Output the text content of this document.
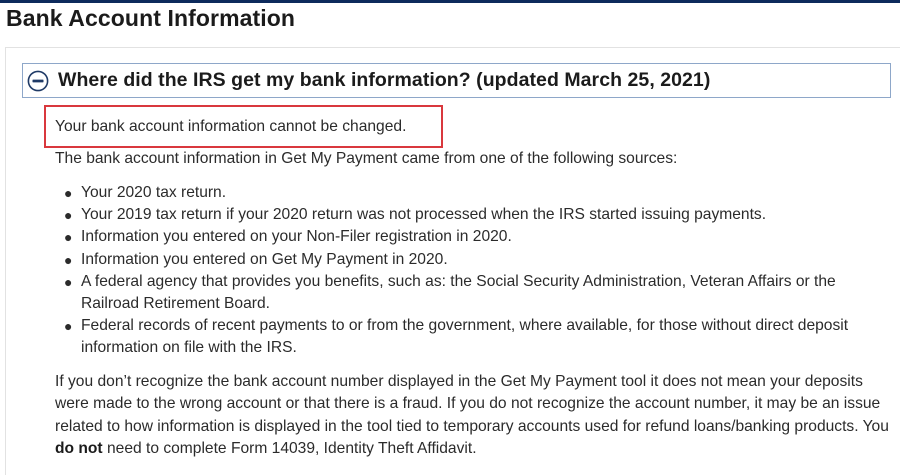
Bank Account Information
Where did the IRS get my bank information? (updated March 25, 2021)

Your bank account information cannot be changed.

The bank account information in Get My Payment came from one of the following sources:

● Your 2020 tax return.
● Your 2019 tax return if your 2020 return was not processed when the IRS started issuing payments.
● Information you entered on your Non-Filer registration in 2020.
● Information you entered on Get My Payment in 2020.
● A federal agency that provides you benefits, such as: the Social Security Administration, Veteran Affairs or the Railroad Retirement Board.
● Federal records of recent payments to or from the government, where available, for those without direct deposit information on file with the IRS.

If you don’t recognize the bank account number displayed in the Get My Payment tool it does not mean your deposits were made to the wrong account or that there is a fraud. If you do not recognize the account number, it may be an issue related to how information is displayed in the tool tied to temporary accounts used for refund loans/banking products. You do not need to complete Form 14039, Identity Theft Affidavit.
